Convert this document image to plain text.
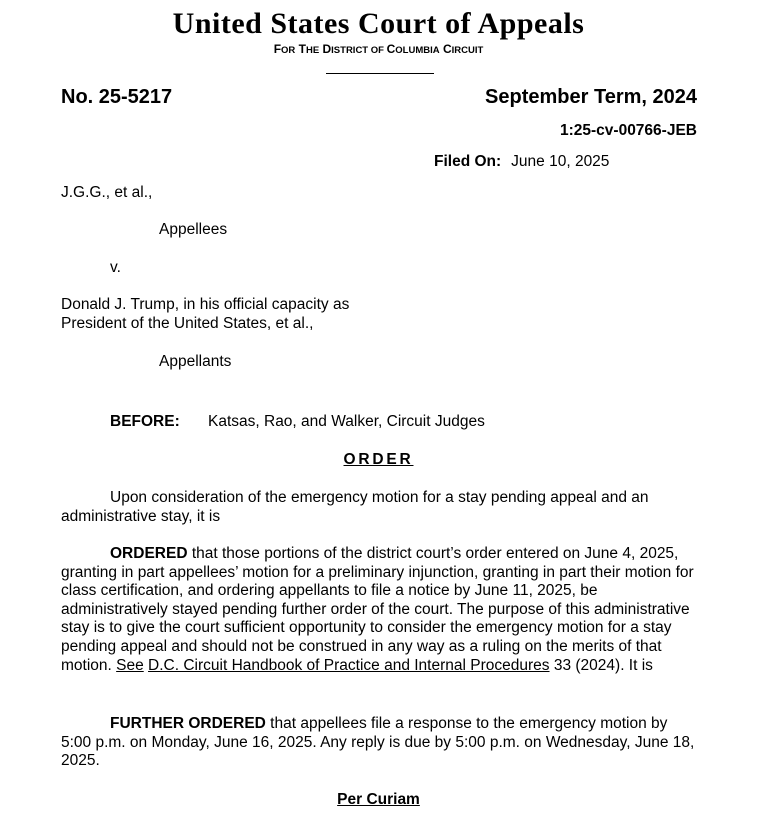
United States Court of Appeals
FOR THE DISTRICT OF COLUMBIA CIRCUIT
No. 25-5217	September Term, 2024
1:25-cv-00766-JEB
Filed On: June 10, 2025
J.G.G., et al.,
Appellees
v.
Donald J. Trump, in his official capacity as
President of the United States, et al.,
Appellants
BEFORE: Katsas, Rao, and Walker, Circuit Judges
ORDER
Upon consideration of the emergency motion for a stay pending appeal and an administrative stay, it is
ORDERED that those portions of the district court’s order entered on June 4, 2025, granting in part appellees’ motion for a preliminary injunction, granting in part their motion for class certification, and ordering appellants to file a notice by June 11, 2025, be administratively stayed pending further order of the court. The purpose of this administrative stay is to give the court sufficient opportunity to consider the emergency motion for a stay pending appeal and should not be construed in any way as a ruling on the merits of that motion. See D.C. Circuit Handbook of Practice and Internal Procedures 33 (2024). It is
FURTHER ORDERED that appellees file a response to the emergency motion by 5:00 p.m. on Monday, June 16, 2025. Any reply is due by 5:00 p.m. on Wednesday, June 18, 2025.
Per Curiam
